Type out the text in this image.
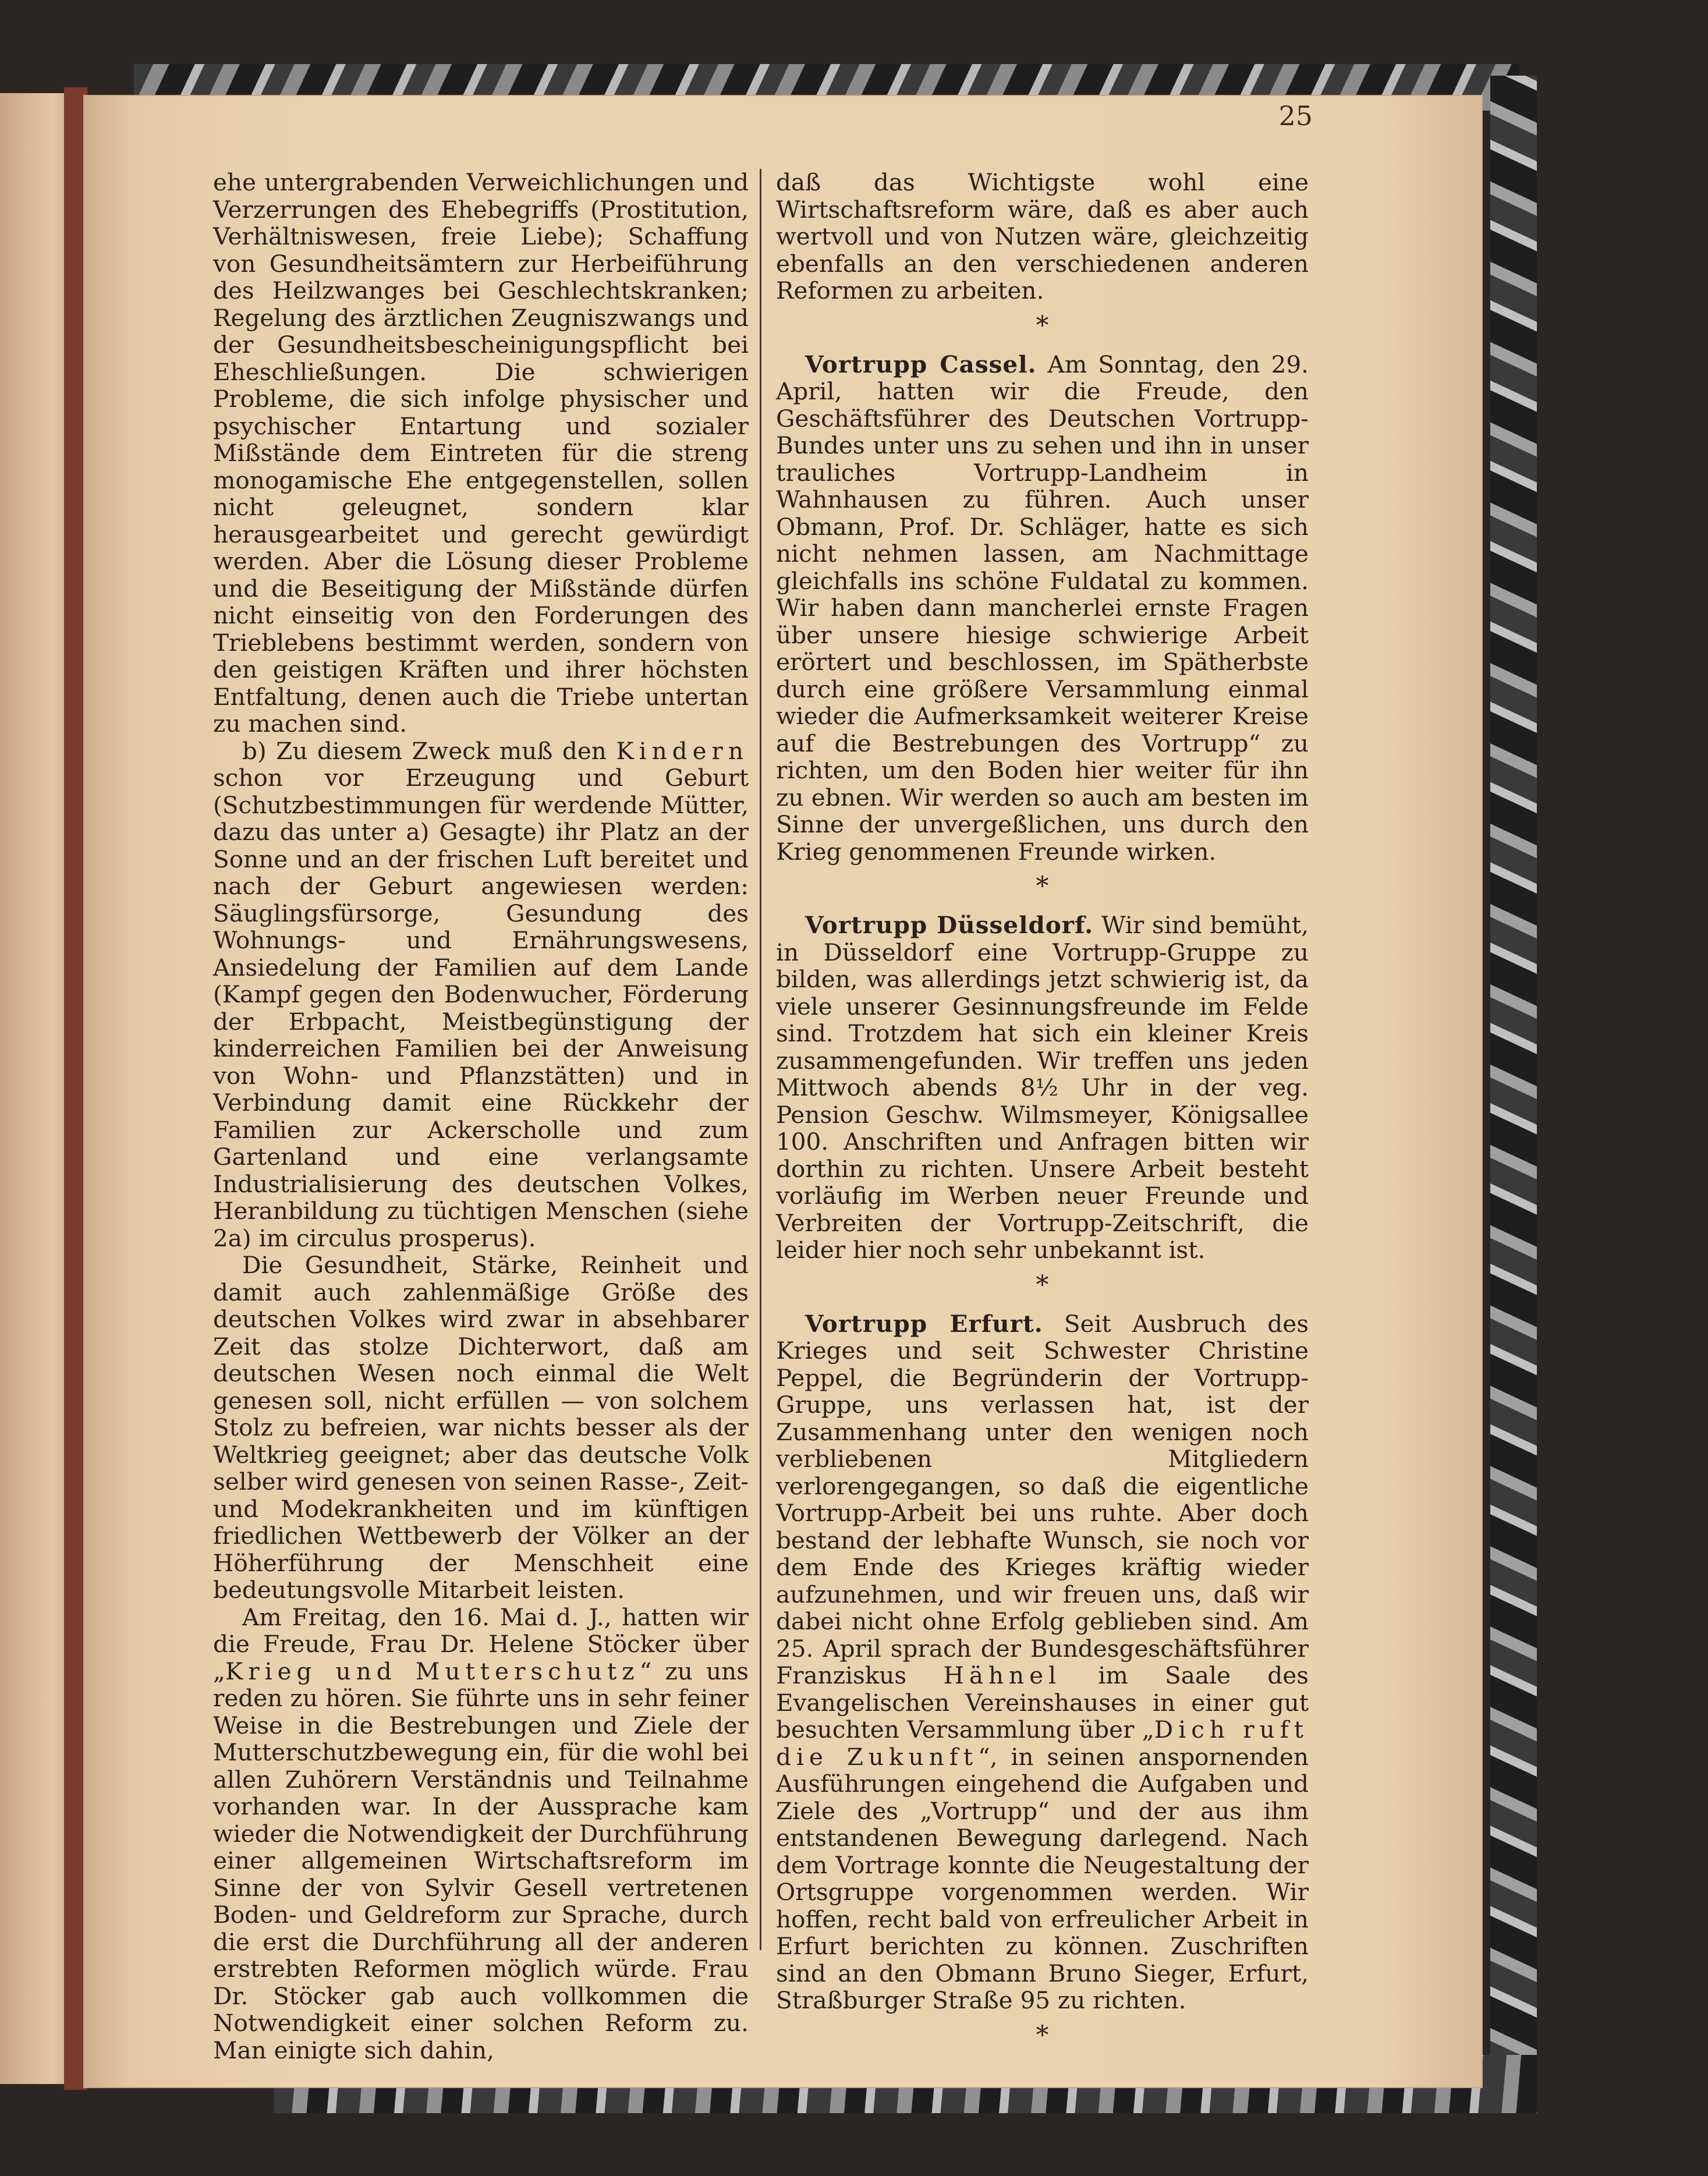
25

ehe untergrabenden Verweichlichungen und Verzerrungen des Ehebegriffs (Prostitution, Verhältniswesen, freie Liebe); Schaffung von Gesundheitsämtern zur Herbeiführung des Heilzwanges bei Geschlechtskranken; Regelung des ärztlichen Zeugniszwangs und der Gesundheitsbescheinigungspflicht bei Eheschließungen. Die schwierigen Probleme, die sich infolge physischer und psychischer Entartung und sozialer Mißstände dem Eintreten für die streng monogamische Ehe entgegenstellen, sollen nicht geleugnet, sondern klar herausgearbeitet und gerecht gewürdigt werden. Aber die Lösung dieser Probleme und die Beseitigung der Mißstände dürfen nicht einseitig von den Forderungen des Trieblebens bestimmt werden, sondern von den geistigen Kräften und ihrer höchsten Entfaltung, denen auch die Triebe untertan zu machen sind.

b) Zu diesem Zweck muß den Kindern schon vor Erzeugung und Geburt (Schutzbestimmungen für werdende Mütter, dazu das unter a) Gesagte) ihr Platz an der Sonne und an der frischen Luft bereitet und nach der Geburt angewiesen werden: Säuglingsfürsorge, Gesundung des Wohnungs- und Ernährungswesens, Ansiedelung der Familien auf dem Lande (Kampf gegen den Bodenwucher, Förderung der Erbpacht, Meistbegünstigung der kinderreichen Familien bei der Anweisung von Wohn- und Pflanzstätten) und in Verbindung damit eine Rückkehr der Familien zur Ackerscholle und zum Gartenland und eine verlangsamte Industrialisierung des deutschen Volkes, Heranbildung zu tüchtigen Menschen (siehe 2a) im circulus prosperus).

Die Gesundheit, Stärke, Reinheit und damit auch zahlenmäßige Größe des deutschen Volkes wird zwar in absehbarer Zeit das stolze Dichterwort, daß am deutschen Wesen noch einmal die Welt genesen soll, nicht erfüllen — von solchem Stolz zu befreien, war nichts besser als der Weltkrieg geeignet; aber das deutsche Volk selber wird genesen von seinen Rasse-, Zeit- und Modekrankheiten und im künftigen friedlichen Wettbewerb der Völker an der Höherführung der Menschheit eine bedeutungsvolle Mitarbeit leisten.

Am Freitag, den 16. Mai d. J., hatten wir die Freude, Frau Dr. Helene Stöcker über „Krieg und Mutterschutz“ zu uns reden zu hören. Sie führte uns in sehr feiner Weise in die Bestrebungen und Ziele der Mutterschutzbewegung ein, für die wohl bei allen Zuhörern Verständnis und Teilnahme vorhanden war. In der Aussprache kam wieder die Notwendigkeit der Durchführung einer allgemeinen Wirtschaftsreform im Sinne der von Sylvir Gesell vertretenen Boden- und Geldreform zur Sprache, durch die erst die Durchführung all der anderen erstrebten Reformen möglich würde. Frau Dr. Stöcker gab auch vollkommen die Notwendigkeit einer solchen Reform zu. Man einigte sich dahin,

daß das Wichtigste wohl eine Wirtschaftsreform wäre, daß es aber auch wertvoll und von Nutzen wäre, gleichzeitig ebenfalls an den verschiedenen anderen Reformen zu arbeiten.

*

Vortrupp Cassel. Am Sonntag, den 29. April, hatten wir die Freude, den Geschäftsführer des Deutschen Vortrupp-Bundes unter uns zu sehen und ihn in unser trauliches Vortrupp-Landheim in Wahnhausen zu führen. Auch unser Obmann, Prof. Dr. Schläger, hatte es sich nicht nehmen lassen, am Nachmittage gleichfalls ins schöne Fuldatal zu kommen. Wir haben dann mancherlei ernste Fragen über unsere hiesige schwierige Arbeit erörtert und beschlossen, im Spätherbste durch eine größere Versammlung einmal wieder die Aufmerksamkeit weiterer Kreise auf die Bestrebungen des Vortrupp“ zu richten, um den Boden hier weiter für ihn zu ebnen. Wir werden so auch am besten im Sinne der unvergeßlichen, uns durch den Krieg genommenen Freunde wirken.

*

Vortrupp Düsseldorf. Wir sind bemüht, in Düsseldorf eine Vortrupp-Gruppe zu bilden, was allerdings jetzt schwierig ist, da viele unserer Gesinnungsfreunde im Felde sind. Trotzdem hat sich ein kleiner Kreis zusammengefunden. Wir treffen uns jeden Mittwoch abends 8½ Uhr in der veg. Pension Geschw. Wilmsmeyer, Königsallee 100. Anschriften und Anfragen bitten wir dorthin zu richten. Unsere Arbeit besteht vorläufig im Werben neuer Freunde und Verbreiten der Vortrupp-Zeitschrift, die leider hier noch sehr unbekannt ist.

*

Vortrupp Erfurt. Seit Ausbruch des Krieges und seit Schwester Christine Peppel, die Begründerin der Vortrupp-Gruppe, uns verlassen hat, ist der Zusammenhang unter den wenigen noch verbliebenen Mitgliedern verlorengegangen, so daß die eigentliche Vortrupp-Arbeit bei uns ruhte. Aber doch bestand der lebhafte Wunsch, sie noch vor dem Ende des Krieges kräftig wieder aufzunehmen, und wir freuen uns, daß wir dabei nicht ohne Erfolg geblieben sind. Am 25. April sprach der Bundesgeschäftsführer Franziskus Hähnel im Saale des Evangelischen Vereinshauses in einer gut besuchten Versammlung über „Dich ruft die Zukunft“, in seinen anspornenden Ausführungen eingehend die Aufgaben und Ziele des „Vortrupp“ und der aus ihm entstandenen Bewegung darlegend. Nach dem Vortrage konnte die Neugestaltung der Ortsgruppe vorgenommen werden. Wir hoffen, recht bald von erfreulicher Arbeit in Erfurt berichten zu können. Zuschriften sind an den Obmann Bruno Sieger, Erfurt, Straßburger Straße 95 zu richten.

*
